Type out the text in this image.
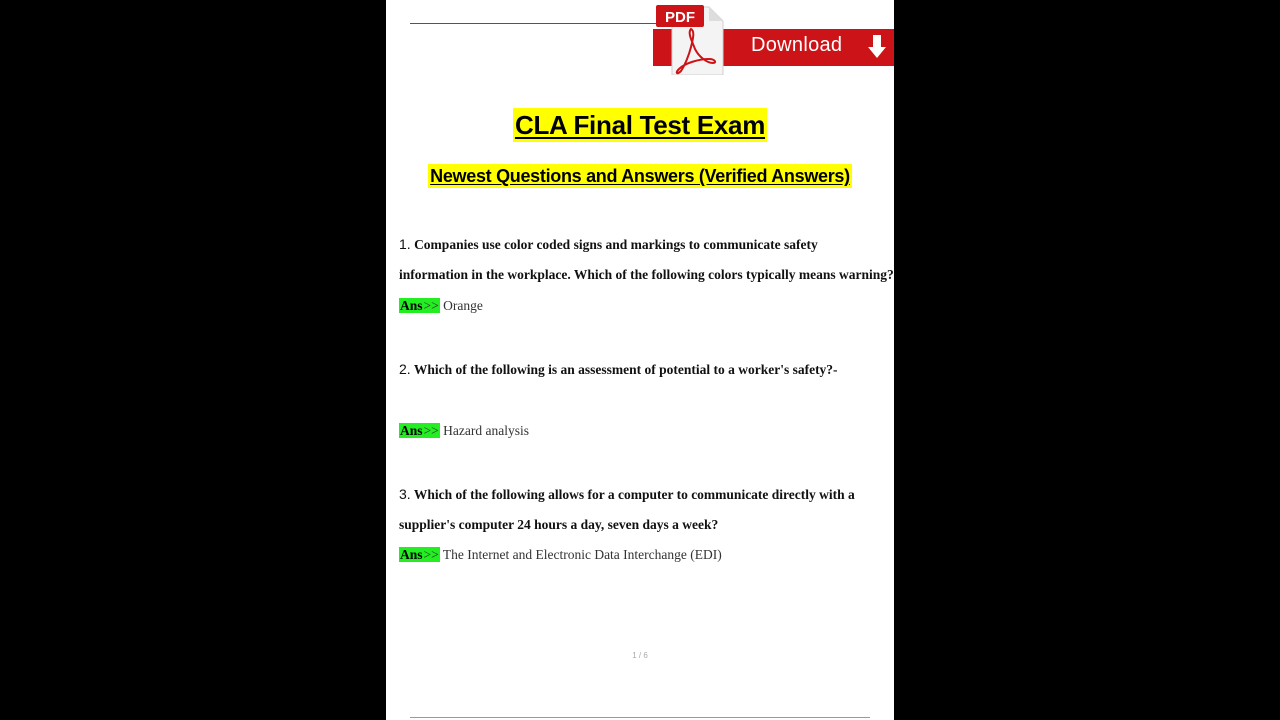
Download
PDF
CLA Final Test Exam
Newest Questions and Answers (Verified Answers)
1. Companies use color coded signs and markings to communicate safety
information in the workplace. Which of the following colors typically means warning?
Ans>> Orange
2. Which of the following is an assessment of potential to a worker's safety?-
Ans>> Hazard analysis
3. Which of the following allows for a computer to communicate directly with a
supplier's computer 24 hours a day, seven days a week?
Ans>> The Internet and Electronic Data Interchange (EDI)
1 / 6
